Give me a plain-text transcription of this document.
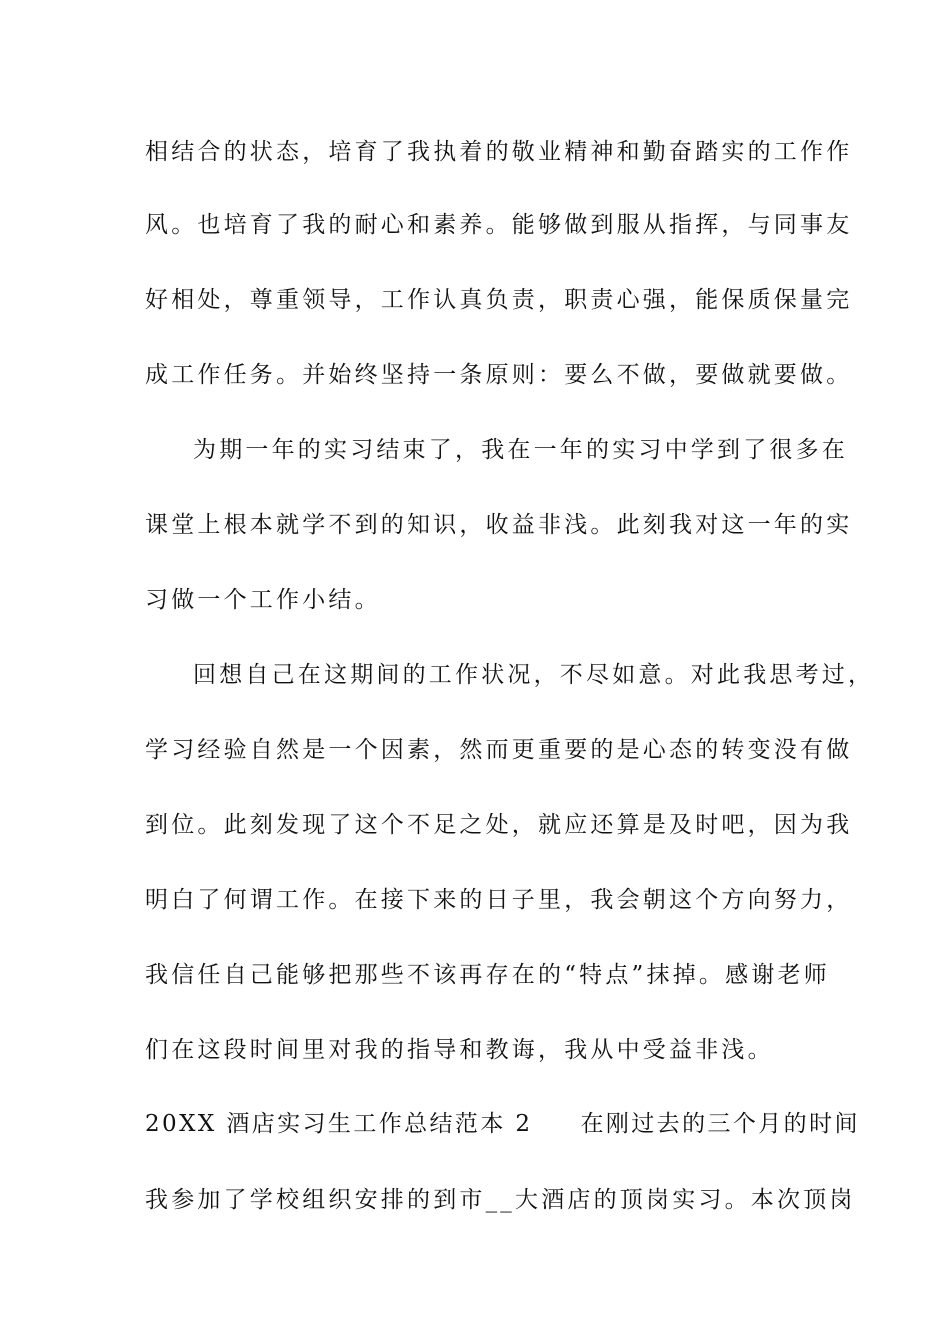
相结合的状态，培育了我执着的敬业精神和勤奋踏实的工作作
风。也培育了我的耐心和素养。能够做到服从指挥，与同事友
好相处，尊重领导，工作认真负责，职责心强，能保质保量完
成工作任务。并始终坚持一条原则：要么不做，要做就要做。
为期一年的实习结束了，我在一年的实习中学到了很多在
课堂上根本就学不到的知识，收益非浅。此刻我对这一年的实
习做一个工作小结。
回想自己在这期间的工作状况，不尽如意。对此我思考过，
学习经验自然是一个因素，然而更重要的是心态的转变没有做
到位。此刻发现了这个不足之处，就应还算是及时吧，因为我
明白了何谓工作。在接下来的日子里，我会朝这个方向努力，
我信任自己能够把那些不该再存在的“特点”抹掉。感谢老师
们在这段时间里对我的指导和教诲，我从中受益非浅。
20XX 酒店实习生工作总结范本 2 在刚过去的三个月的时间
我参加了学校组织安排的到市__大酒店的顶岗实习。本次顶岗
